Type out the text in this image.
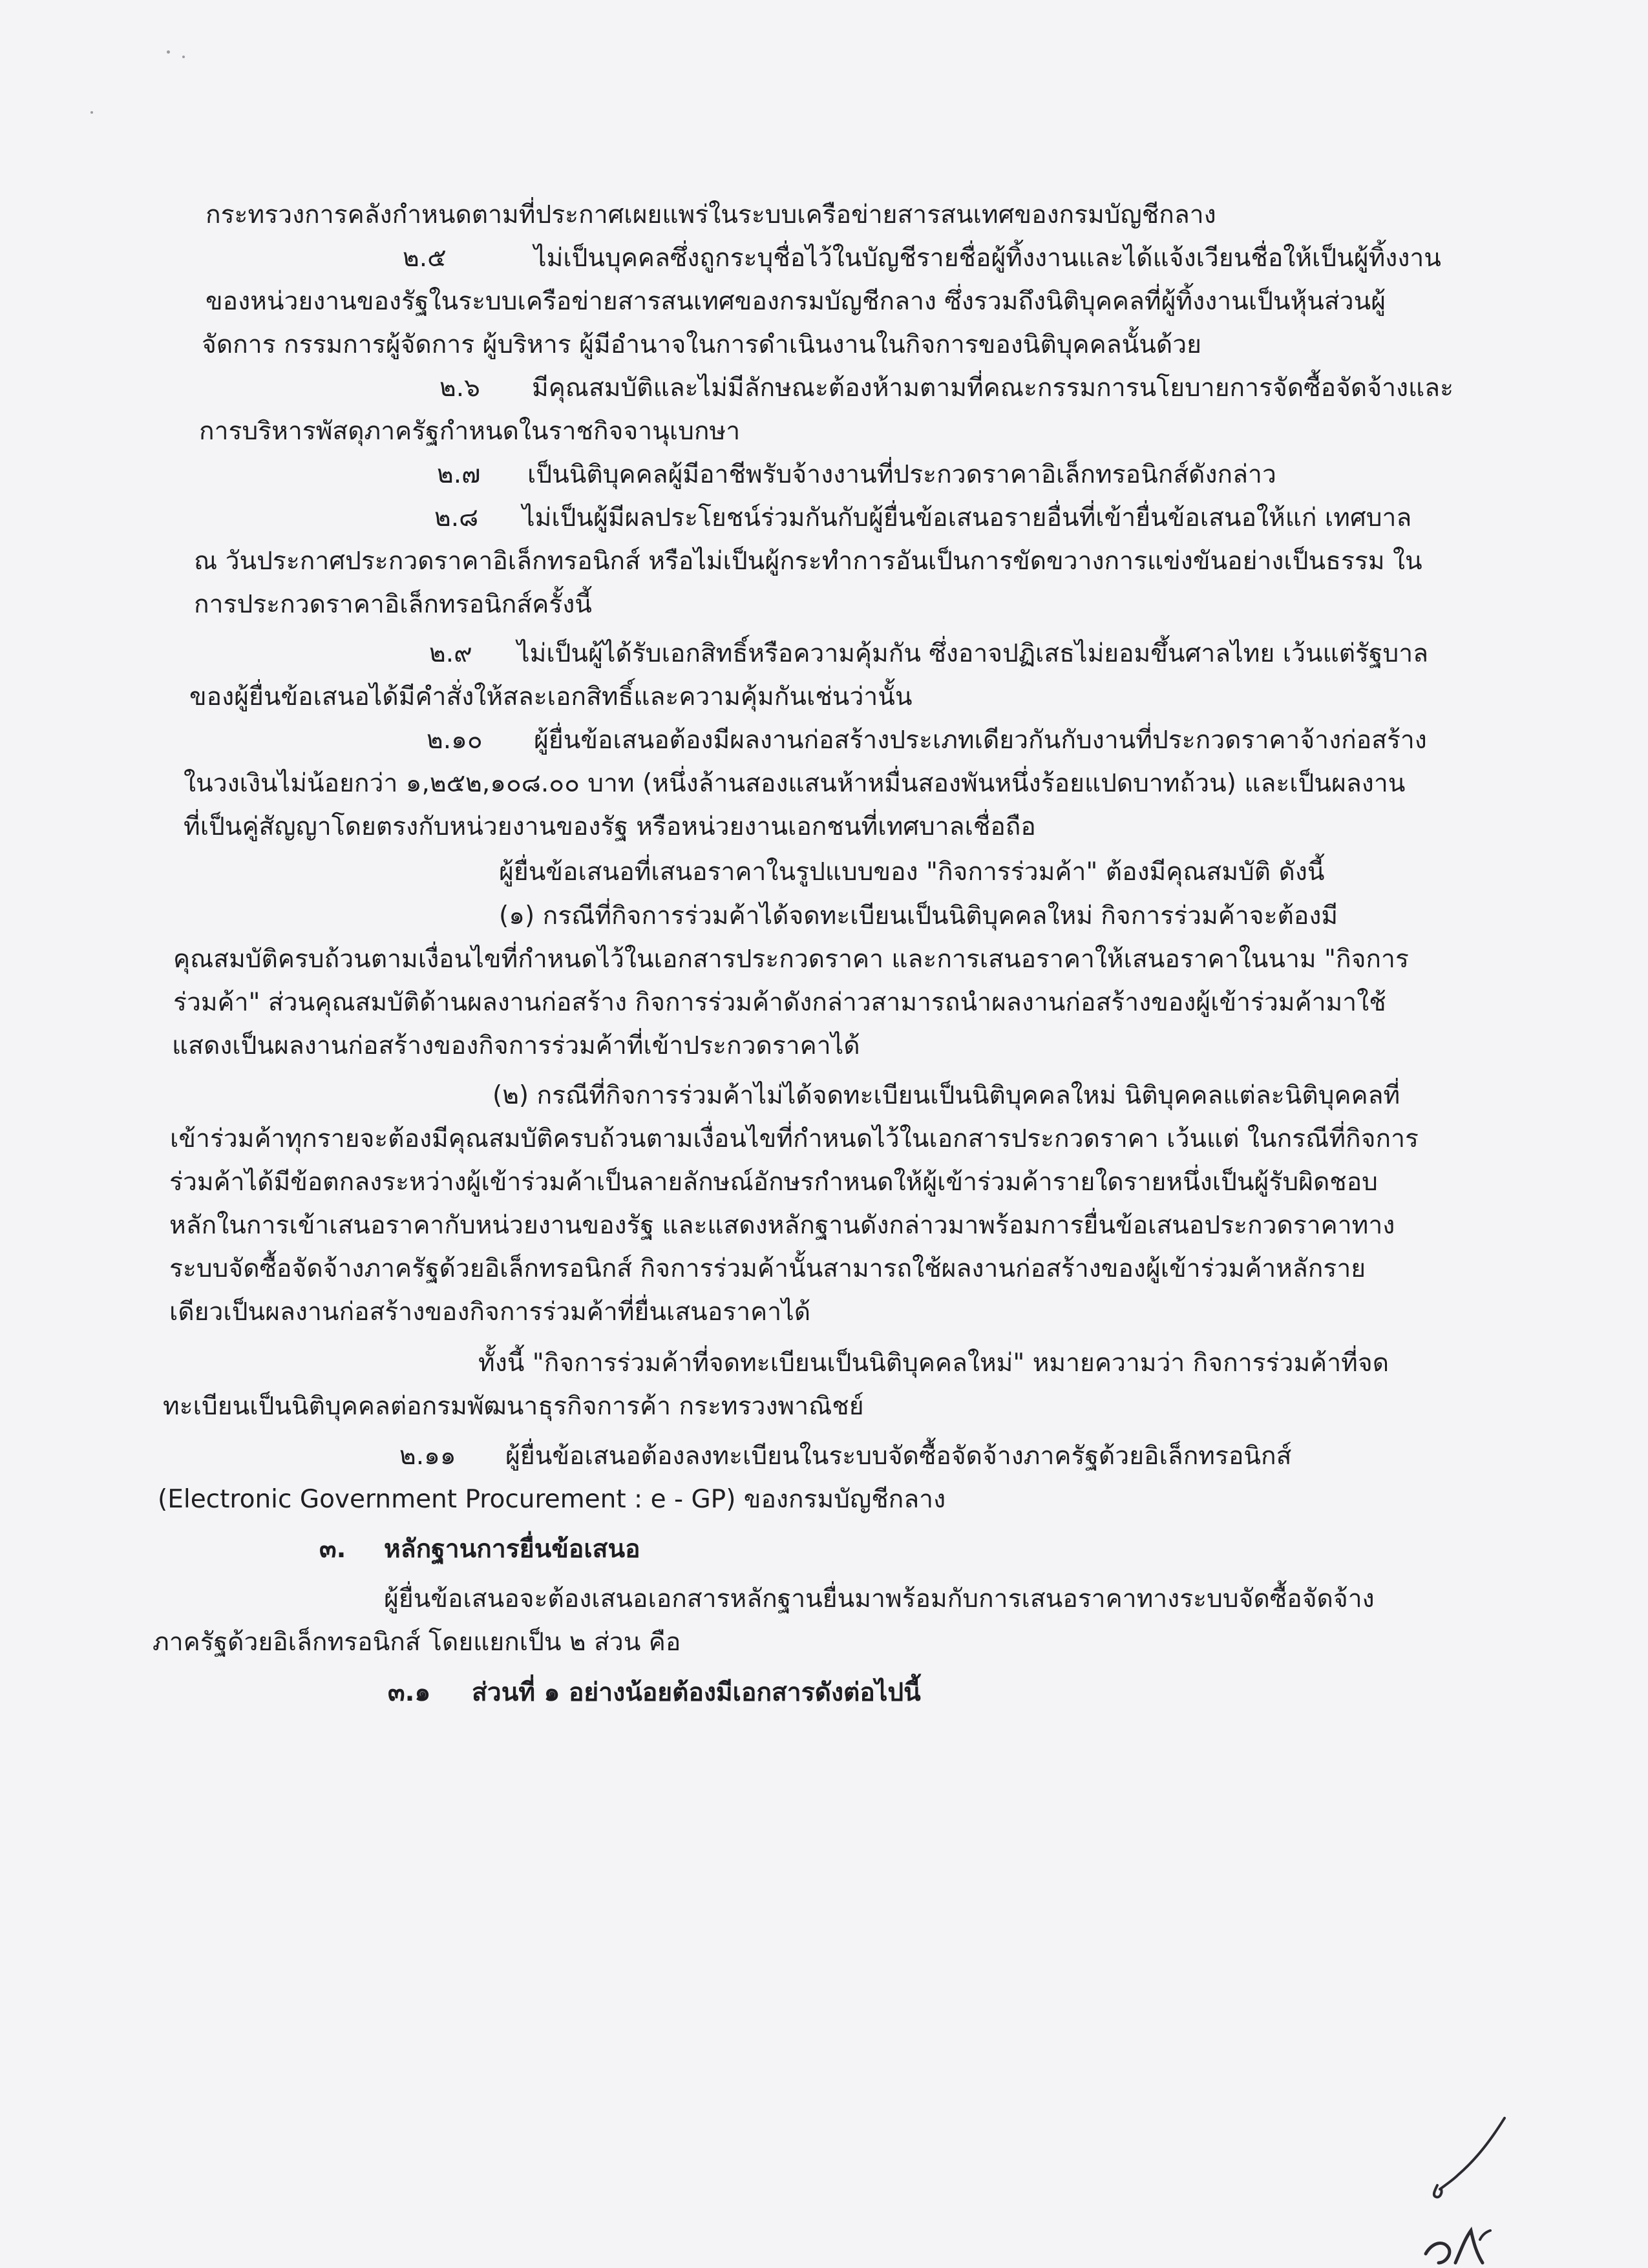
กระทรวงการคลังกำหนดตามที่ประกาศเผยแพร่ในระบบเครือข่ายสารสนเทศของกรมบัญชีกลาง
๒.๕	ไม่เป็นบุคคลซึ่งถูกระบุชื่อไว้ในบัญชีรายชื่อผู้ทิ้งงานและได้แจ้งเวียนชื่อให้เป็นผู้ทิ้งงาน
ของหน่วยงานของรัฐในระบบเครือข่ายสารสนเทศของกรมบัญชีกลาง ซึ่งรวมถึงนิติบุคคลที่ผู้ทิ้งงานเป็นหุ้นส่วนผู้
จัดการ กรรมการผู้จัดการ ผู้บริหาร ผู้มีอำนาจในการดำเนินงานในกิจการของนิติบุคคลนั้นด้วย
๒.๖ มีคุณสมบัติและไม่มีลักษณะต้องห้ามตามที่คณะกรรมการนโยบายการจัดซื้อจัดจ้างและ
การบริหารพัสดุภาครัฐกำหนดในราชกิจจานุเบกษา
๒.๗ เป็นนิติบุคคลผู้มีอาชีพรับจ้างงานที่ประกวดราคาอิเล็กทรอนิกส์ดังกล่าว
๒.๘ ไม่เป็นผู้มีผลประโยชน์ร่วมกันกับผู้ยื่นข้อเสนอรายอื่นที่เข้ายื่นข้อเสนอให้แก่ เทศบาล
ณ วันประกาศประกวดราคาอิเล็กทรอนิกส์ หรือไม่เป็นผู้กระทำการอันเป็นการขัดขวางการแข่งขันอย่างเป็นธรรม ใน
การประกวดราคาอิเล็กทรอนิกส์ครั้งนี้
๒.๙ ไม่เป็นผู้ได้รับเอกสิทธิ์หรือความคุ้มกัน ซึ่งอาจปฏิเสธไม่ยอมขึ้นศาลไทย เว้นแต่รัฐบาล
ของผู้ยื่นข้อเสนอได้มีคำสั่งให้สละเอกสิทธิ์และความคุ้มกันเช่นว่านั้น
๒.๑๐ ผู้ยื่นข้อเสนอต้องมีผลงานก่อสร้างประเภทเดียวกันกับงานที่ประกวดราคาจ้างก่อสร้าง
ในวงเงินไม่น้อยกว่า ๑,๒๕๒,๑๐๘.๐๐ บาท (หนึ่งล้านสองแสนห้าหมื่นสองพันหนึ่งร้อยแปดบาทถ้วน) และเป็นผลงาน
ที่เป็นคู่สัญญาโดยตรงกับหน่วยงานของรัฐ หรือหน่วยงานเอกชนที่เทศบาลเชื่อถือ
ผู้ยื่นข้อเสนอที่เสนอราคาในรูปแบบของ "กิจการร่วมค้า" ต้องมีคุณสมบัติ ดังนี้
(๑) กรณีที่กิจการร่วมค้าได้จดทะเบียนเป็นนิติบุคคลใหม่ กิจการร่วมค้าจะต้องมี
คุณสมบัติครบถ้วนตามเงื่อนไขที่กำหนดไว้ในเอกสารประกวดราคา และการเสนอราคาให้เสนอราคาในนาม "กิจการ
ร่วมค้า" ส่วนคุณสมบัติด้านผลงานก่อสร้าง กิจการร่วมค้าดังกล่าวสามารถนำผลงานก่อสร้างของผู้เข้าร่วมค้ามาใช้
แสดงเป็นผลงานก่อสร้างของกิจการร่วมค้าที่เข้าประกวดราคาได้
(๒) กรณีที่กิจการร่วมค้าไม่ได้จดทะเบียนเป็นนิติบุคคลใหม่ นิติบุคคลแต่ละนิติบุคคลที่
เข้าร่วมค้าทุกรายจะต้องมีคุณสมบัติครบถ้วนตามเงื่อนไขที่กำหนดไว้ในเอกสารประกวดราคา เว้นแต่ ในกรณีที่กิจการ
ร่วมค้าได้มีข้อตกลงระหว่างผู้เข้าร่วมค้าเป็นลายลักษณ์อักษรกำหนดให้ผู้เข้าร่วมค้ารายใดรายหนึ่งเป็นผู้รับผิดชอบ
หลักในการเข้าเสนอราคากับหน่วยงานของรัฐ และแสดงหลักฐานดังกล่าวมาพร้อมการยื่นข้อเสนอประกวดราคาทาง
ระบบจัดซื้อจัดจ้างภาครัฐด้วยอิเล็กทรอนิกส์ กิจการร่วมค้านั้นสามารถใช้ผลงานก่อสร้างของผู้เข้าร่วมค้าหลักราย
เดียวเป็นผลงานก่อสร้างของกิจการร่วมค้าที่ยื่นเสนอราคาได้
ทั้งนี้ "กิจการร่วมค้าที่จดทะเบียนเป็นนิติบุคคลใหม่" หมายความว่า กิจการร่วมค้าที่จด
ทะเบียนเป็นนิติบุคคลต่อกรมพัฒนาธุรกิจการค้า กระทรวงพาณิชย์
๒.๑๑ ผู้ยื่นข้อเสนอต้องลงทะเบียนในระบบจัดซื้อจัดจ้างภาครัฐด้วยอิเล็กทรอนิกส์
(Electronic Government Procurement : e - GP) ของกรมบัญชีกลาง
๓. หลักฐานการยื่นข้อเสนอ
ผู้ยื่นข้อเสนอจะต้องเสนอเอกสารหลักฐานยื่นมาพร้อมกับการเสนอราคาทางระบบจัดซื้อจัดจ้าง
ภาครัฐด้วยอิเล็กทรอนิกส์ โดยแยกเป็น ๒ ส่วน คือ
๓.๑ ส่วนที่ ๑ อย่างน้อยต้องมีเอกสารดังต่อไปนี้
